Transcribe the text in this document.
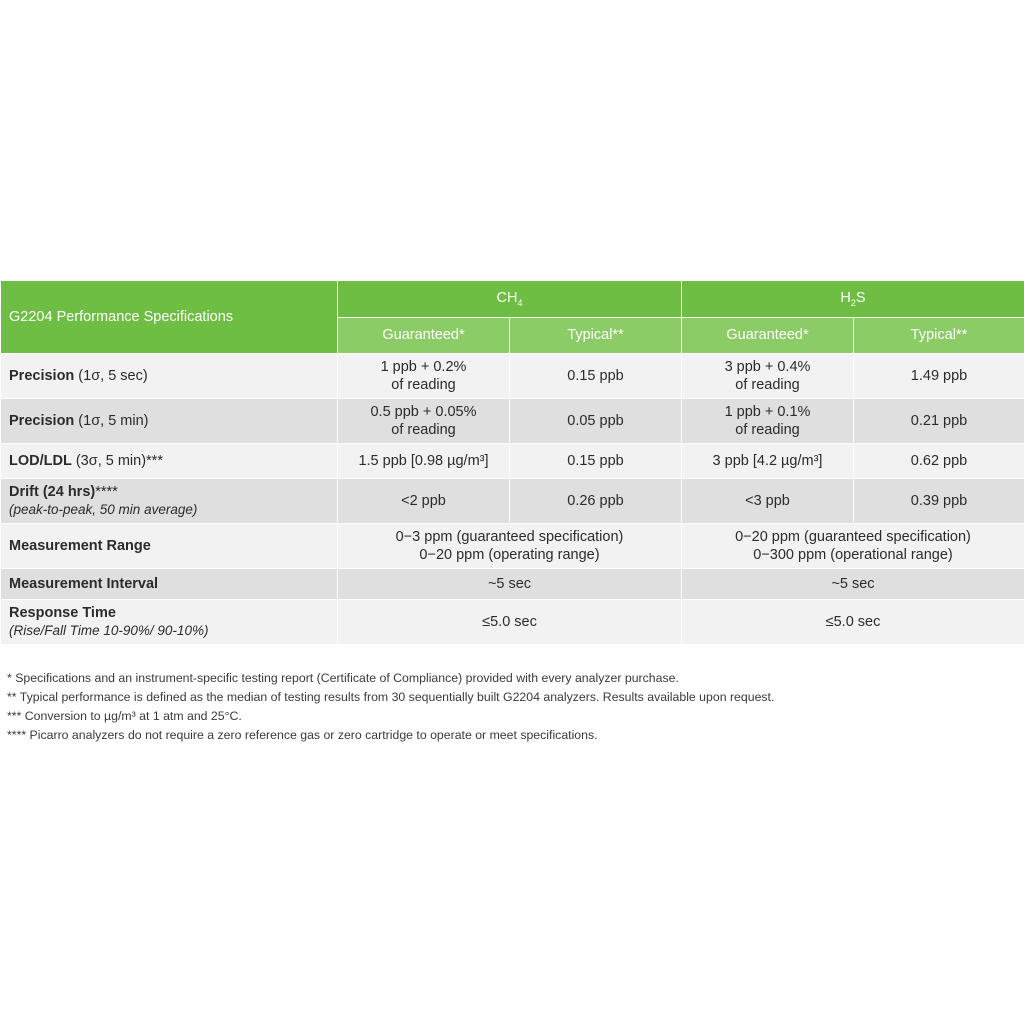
G2204 Performance Specifications	$CH_4$		$H_2S$	
	Guaranteed*	Typical**	Guaranteed*	Typical**
Precision (1σ, 5 sec)	1 ppb + 0.2%
of reading	0.15 ppb	3 ppb + 0.4%
of reading	1.49 ppb

Precision (1σ, 5 min)	0.5 ppb + 0.05%
of reading	0.05 ppb	1 ppb + 0.1%
of reading	0.21 ppb

LOD/LDL (3σ, 5 min)***	1.5 ppb [0.98 µg/m³]	0.15 ppb	3 ppb [4.2 µg/m³]	0.62 ppb

Drift (24 hrs)****
(peak-to-peak, 50 min average)	<2 ppb	0.26 ppb	<3 ppb	0.39 ppb

Measurement Range	0−3 ppm (guaranteed specification)
0−20 ppm (operating range)		0−20 ppm (guaranteed specification)
0−300 ppm (operational range)	

Measurement Interval	~5 sec		~5 sec	

Response Time
(Rise/Fall Time 10-90%/ 90-10%)	≤5.0 sec		≤5.0 sec	
* Specifications and an instrument-specific testing report (Certificate of Compliance) provided with every analyzer purchase.
** Typical performance is defined as the median of testing results from 30 sequentially built G2204 analyzers. Results available upon request.
*** Conversion to µg/m³ at 1 atm and 25°C.
**** Picarro analyzers do not require a zero reference gas or zero cartridge to operate or meet specifications.
